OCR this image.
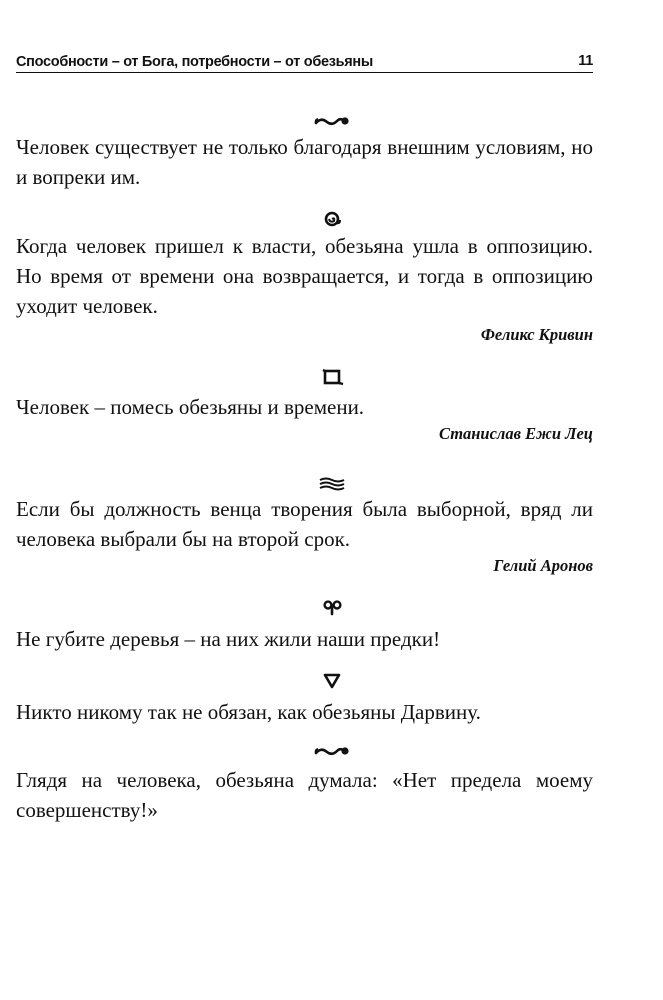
Способности – от Бога, потребности – от обезьяны	11

Человек существует не только благодаря внешним условиям, но и вопреки им.

Когда человек пришел к власти, обезьяна ушла в оппозицию. Но время от времени она возвращается, и тогда в оппозицию уходит человек.

Феликс Кривин

Человек – помесь обезьяны и времени.

Станислав Ежи Лец

Если бы должность венца творения была выборной, вряд ли человека выбрали бы на второй срок.

Гелий Аронов

Не губите деревья – на них жили наши предки!

Никто никому так не обязан, как обезьяны Дарвину.

Глядя на человека, обезьяна думала: «Нет предела моему совершенству!»
